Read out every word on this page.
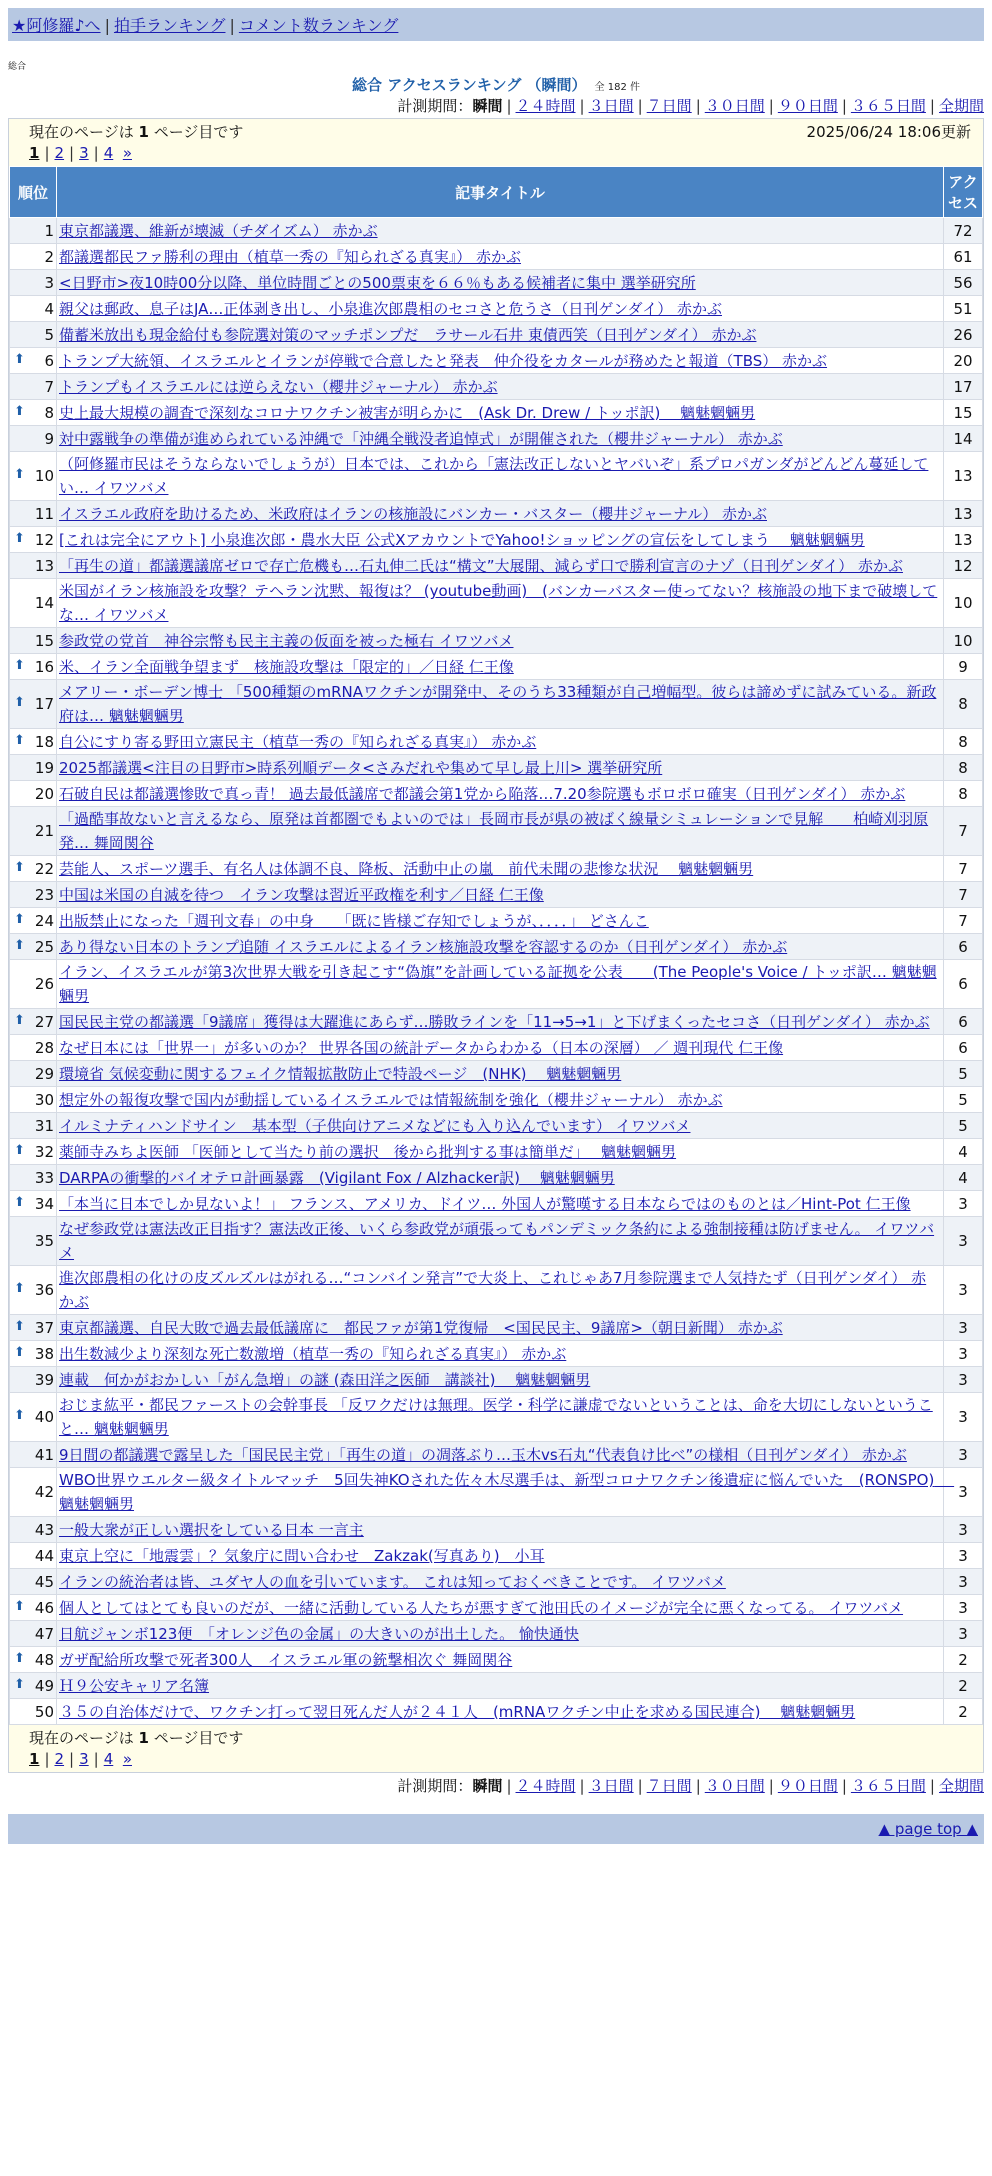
★阿修羅♪へ | 拍手ランキング | コメント数ランキング
総合
総合 アクセスランキング （瞬間） 全 182 件
計測期間：瞬間 | ２４時間 | ３日間 | ７日間 | ３０日間 | ９０日間 | ３６５日間 | 全期間
現在のページは 1 ページ目です	2025/06/24 18:06更新
1 | 2 | 3 | 4 »
順位	記事タイトル	アクセス
1	東京都議選、維新が壊滅（チダイズム） 赤かぶ	72
2	都議選都民ファ勝利の理由（植草一秀の『知られざる真実』） 赤かぶ	61
3	<日野市>夜10時00分以降、単位時間ごとの500票束を６６％もある候補者に集中 選挙研究所	56
4	親父は郵政、息子はJA…正体剥き出し、小泉進次郎農相のセコさと危うさ（日刊ゲンダイ） 赤かぶ	51
5	備蓄米放出も現金給付も参院選対策のマッチポンプだ　ラサール石井 東債西笑（日刊ゲンダイ） 赤かぶ	26

⬆ 6	トランプ大統領、イスラエルとイランが停戦で合意したと発表　仲介役をカタールが務めたと報道（TBS） 赤かぶ	20
7	トランプもイスラエルには逆らえない（櫻井ジャーナル） 赤かぶ	17

⬆ 8	史上最大規模の調査で深刻なコロナワクチン被害が明らかに　(Ask Dr. Drew / トッポ訳)　 魑魅魍魎男	15
9	対中露戦争の準備が進められている沖縄で「沖縄全戦没者追悼式」が開催された（櫻井ジャーナル） 赤かぶ	14

⬆ 10	（阿修羅市民はそうならないでしょうが）日本では、これから「憲法改正しないとヤバいぞ」系プロパガンダがどんどん蔓延してい… イワツバメ	13
11	イスラエル政府を助けるため、米政府はイランの核施設にバンカー・バスター（櫻井ジャーナル） 赤かぶ	13

⬆ 12	[これは完全にアウト] 小泉進次郎・農水大臣 公式XアカウントでYahoo!ショッピングの宣伝をしてしまう　 魑魅魍魎男	13
13	「再生の道」都議選議席ゼロで存亡危機も…石丸伸二氏は“構文”大展開、減らず口で勝利宣言のナゾ（日刊ゲンダイ） 赤かぶ	12
14	米国がイラン核施設を攻撃？テヘラン沈黙、報復は？ (youtube動画)　(バンカーバスター使ってない？核施設の地下まで破壊してな… イワツバメ	10
15	参政党の党首　神谷宗幣も民主主義の仮面を被った極右 イワツバメ	10

⬆ 16	米、イラン全面戦争望まず　核施設攻撃は「限定的」／日経 仁王像	9

⬆ 17	メアリー・ボーデン博士 「500種類のmRNAワクチンが開発中、そのうち33種類が自己増幅型。彼らは諦めずに試みている。新政府は… 魑魅魍魎男	8

⬆ 18	自公にすり寄る野田立憲民主（植草一秀の『知られざる真実』） 赤かぶ	8
19	2025都議選<注目の日野市>時系列順データ<さみだれや集めて早し最上川> 選挙研究所	8
20	石破自民は都議選惨敗で真っ青！ 過去最低議席で都議会第1党から陥落…7.20参院選もボロボロ確実（日刊ゲンダイ） 赤かぶ	8
21	「過酷事故ないと言えるなら、原発は首都圏でもよいのでは」長岡市長が県の被ばく線量シミュレーションで見解　　柏崎刈羽原発… 舞岡関谷	7

⬆ 22	芸能人、スポーツ選手、有名人は体調不良、降板、活動中止の嵐　前代未聞の悲惨な状況　 魑魅魍魎男	7
23	中国は米国の自滅を待つ　イラン攻撃は習近平政権を利す／日経 仁王像	7

⬆ 24	出版禁止になった「週刊文春」の中身　　「既に皆様ご存知でしょうが、．．．．」 どさんこ	7

⬆ 25	あり得ない日本のトランプ追随 イスラエルによるイラン核施設攻撃を容認するのか（日刊ゲンダイ） 赤かぶ	6
26	イラン、イスラエルが第3次世界大戦を引き起こす“偽旗”を計画している証拠を公表　　(The People's Voice / トッポ訳… 魑魅魍魎男	6

⬆ 27	国民民主党の都議選「9議席」獲得は大躍進にあらず…勝敗ラインを「11→5→1」と下げまくったセコさ（日刊ゲンダイ） 赤かぶ	6
28	なぜ日本には「世界一」が多いのか？ 世界各国の統計データからわかる（日本の深層） ／ 週刊現代 仁王像	6
29	環境省 気候変動に関するフェイク情報拡散防止で特設ページ　(NHK)　 魑魅魍魎男	5
30	想定外の報復攻撃で国内が動揺しているイスラエルでは情報統制を強化（櫻井ジャーナル） 赤かぶ	5
31	イルミナティハンドサイン　基本型（子供向けアニメなどにも入り込んでいます） イワツバメ	5

⬆ 32	薬師寺みちよ医師 「医師として当たり前の選択　後から批判する事は簡単だ」　 魑魅魍魎男	4
33	DARPAの衝撃的バイオテロ計画暴露　(Vigilant Fox / Alzhacker訳)　 魑魅魍魎男	4

⬆ 34	「本当に日本でしか見ないよ！」 フランス、アメリカ、ドイツ… 外国人が驚嘆する日本ならではのものとは／Hint-Pot 仁王像	3
35	なぜ参政党は憲法改正目指す？憲法改正後、いくら参政党が頑張ってもパンデミック条約による強制接種は防げません。 イワツバメ	3

⬆ 36	進次郎農相の化けの皮ズルズルはがれる…“コンバイン発言”で大炎上、これじゃあ7月参院選まで人気持たず（日刊ゲンダイ） 赤かぶ	3

⬆ 37	東京都議選、自民大敗で過去最低議席に　都民ファが第1党復帰　<国民民主、9議席>（朝日新聞） 赤かぶ	3

⬆ 38	出生数減少より深刻な死亡数激増（植草一秀の『知られざる真実』） 赤かぶ	3
39	連載　何かがおかしい「がん急増」の謎 (森田洋之医師　講談社)　 魑魅魍魎男	3

⬆ 40	おじま紘平・都民ファーストの会幹事長 「反ワクだけは無理。医学・科学に謙虚でないということは、命を大切にしないということ… 魑魅魍魎男	3
41	9日間の都議選で露呈した「国民民主党」「再生の道」の凋落ぶり…玉木vs石丸“代表負け比べ”の様相（日刊ゲンダイ） 赤かぶ	3
42	WBO世界ウエルター級タイトルマッチ　5回失神KOされた佐々木尽選手は、新型コロナワクチン後遺症に悩んでいた　(RONSPO)　 魑魅魍魎男	3
43	一般大衆が正しい選択をしている日本 一言主	3
44	東京上空に「地震雲」？気象庁に問い合わせ　Zakzak(写真あり)　小耳	3
45	イランの統治者は皆、ユダヤ人の血を引いています。 これは知っておくべきことです。 イワツバメ	3

⬆ 46	個人としてはとても良いのだが、一緒に活動している人たちが悪すぎて池田氏のイメージが完全に悪くなってる。 イワツバメ	3
47	日航ジャンボ123便　「オレンジ色の金属」の大きいのが出土した。 愉快通快	3

⬆ 48	ガザ配給所攻撃で死者300人　イスラエル軍の銃撃相次ぐ 舞岡関谷	2

⬆ 49	Ｈ９公安キャリア名簿	2
50	３５の自治体だけで、ワクチン打って翌日死んだ人が２４１人　(mRNAワクチン中止を求める国民連合)　 魑魅魍魎男	2
現在のページは 1 ページ目です
1 | 2 | 3 | 4 »
計測期間：瞬間 | ２４時間 | ３日間 | ７日間 | ３０日間 | ９０日間 | ３６５日間 | 全期間
▲ page top ▲
